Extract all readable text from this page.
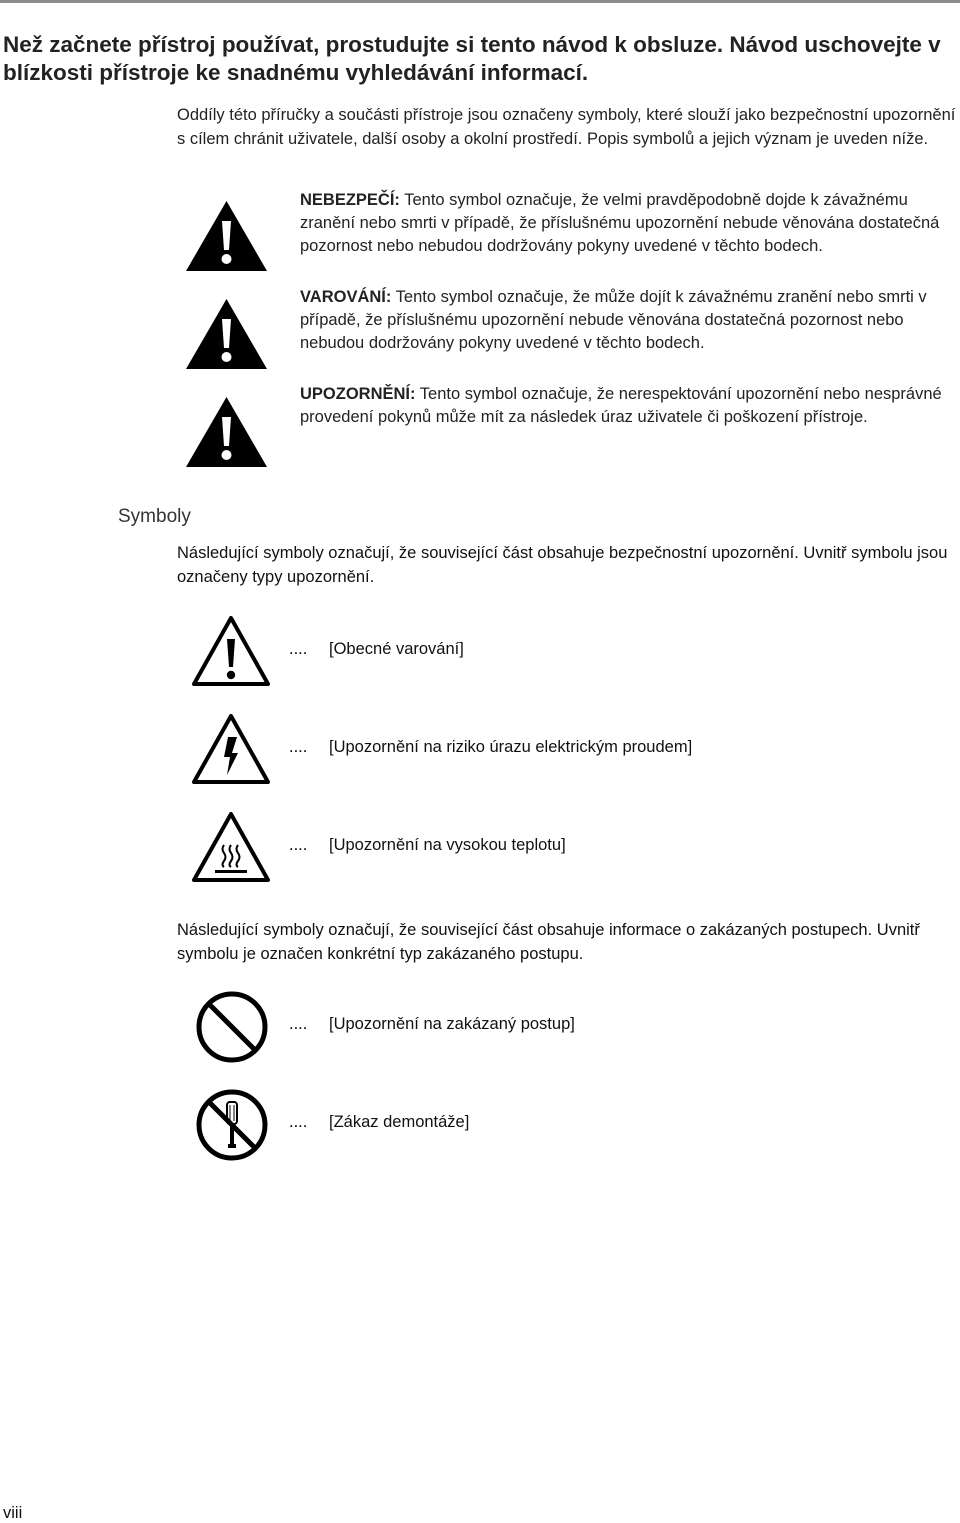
Než začnete přístroj používat, prostudujte si tento návod k obsluze. Návod uschovejte v blízkosti přístroje ke snadnému vyhledávání informací.
Oddíly této příručky a součásti přístroje jsou označeny symboly, které slouží jako bezpečnostní upozornění s cílem chránit uživatele, další osoby a okolní prostředí. Popis symbolů a jejich význam je uveden níže.
NEBEZPEČÍ: Tento symbol označuje, že velmi pravděpodobně dojde k závažnému zranění nebo smrti v případě, že příslušnému upozornění nebude věnována dostatečná pozornost nebo nebudou dodržovány pokyny uvedené v těchto bodech.
VAROVÁNÍ: Tento symbol označuje, že může dojít k závažnému zranění nebo smrti v případě, že příslušnému upozornění nebude věnována dostatečná pozornost nebo nebudou dodržovány pokyny uvedené v těchto bodech.
UPOZORNĚNÍ: Tento symbol označuje, že nerespektování upozornění nebo nesprávné provedení pokynů může mít za následek úraz uživatele či poškození přístroje.
Symboly
Následující symboly označují, že související část obsahuje bezpečnostní upozornění. Uvnitř symbolu jsou označeny typy upozornění.
.... [Obecné varování]
.... [Upozornění na riziko úrazu elektrickým proudem]
.... [Upozornění na vysokou teplotu]
Následující symboly označují, že související část obsahuje informace o zakázaných postupech. Uvnitř symbolu je označen konkrétní typ zakázaného postupu.
.... [Upozornění na zakázaný postup]
.... [Zákaz demontáže]
viii
